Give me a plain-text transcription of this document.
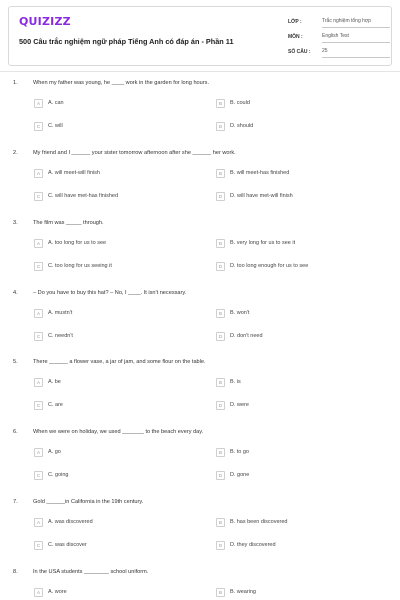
QUIZIZZ
500 Câu trắc nghiệm ngữ pháp Tiếng Anh có đáp án - Phần 11
LỚP :	Trắc nghiệm tổng hợp
MÔN :	English Test
SỐ CÂU :	25
1.	When my father was young, he ____ work in the garden for long hours.
A	A. can	B	B. could
C	C. will	D	D. should
2.	My friend and I ______ your sister tomorrow afternoon after she ______ her work.
A	A. will meet-will finish	B	B. will meet-has finished
C	C. will have met-has finished	D	D. will have met-will finish
3.	The film was _____ through.
A	A. too long for us to see	B	B. very long for us to see it
C	C. too long for us seeing it	D	D. too long enough for us to see
4.	– Do you have to buy this hat? – No, I ____. It isn't necessary.
A	A. mustn't	B	B. won't
C	C. needn't	D	D. don't need
5.	There ______ a flower vase, a jar of jam, and some flour on the table.
A	A. be	B	B. is
C	C. are	D	D. were
6.	When we were on holiday, we used _______ to the beach every day.
A	A. go	B	B. to go
C	C. going	D	D. gone
7.	Gold ______in California in the 19th century.
A	A. was discovered	B	B. has been discovered
C	C. was discover	D	D. they discovered
8.	In the USA students ________ school uniform.
A	A. wore	B	B. wearing
